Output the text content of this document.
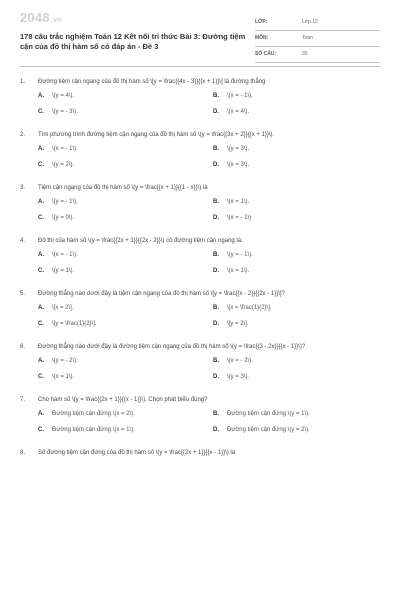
2048.vn
178 câu trắc nghiệm Toán 12 Kết nối tri thức Bài 3: Đường tiệm cận của đồ thị hàm số có đáp án - Đề 3
LỚP:	Lớp 12
MÔN:	Toán
SỐ CÂU:	30
1. Đường tiệm cận ngang của đồ thị hàm số \[y = \frac{{4x - 3}}{{x + 1}}\] là đường thẳng
A. \(y = 4\).	B. \(x = - 1\).
C. \(y = - 3\).	D. \(x = 4\).
2. Tìm phương trình đường tiệm cận ngang của đồ thị hàm số \(y = \frac{{3x + 2}}{{x + 1}}\).
A. \(x = - 1\).	B. \(y = 3\).
C. \(y = 2\).	D. \(x = 3\).
3. Tiệm cận ngang của đồ thị hàm số \(y = \frac{{x + 1}}{{1 - x}}\) là
A. \(y = - 1\).	B. \(x = 1\).
C. \(y = 0\).	D. \(x = - 1\)
4. Đồ thị của hàm số \(y = \frac{{2x + 1}}{{2x - 2}}\) có đường tiệm cận ngang là:
A. \(x = - 1\).	B. \(y = - 1\).
C. \(y = 1\).	D. \(x = 1\).
5. Đường thẳng nào dưới đây là tiệm cận ngang của đồ thị hàm số \[y = \frac{{x - 2}}{{2x - 1}}\]?
A. \[x = 2\].	B. \[x = \frac{1}{2}\].
C. \[y = \frac{1}{2}\].	D. \[y = 2\].
6. Đường thẳng nào dưới đây là đường tiệm cận ngang của đồ thị hàm số \(y = \frac{{3 - 2x}}{{x - 1}}\)?
A. \(y = - 2\).	B. \(x = - 2\).
C. \(x = 1\).	D. \(y = 3\).
7. Cho hàm số \(y = \frac{{2x + 1}}{{x - 1}}\). Chọn phát biểu đúng?
A. Đường tiệm cận đứng \(x = 2\).	B. Đường tiệm cận đứng \(y = 1\).
C. Đường tiệm cận đứng \(x = 1\).	D. Đường tiệm cận đứng \(y = 2\).
8. Số đường tiệm cận đứng của đồ thị hàm số \(y = \frac{{2x + 1}}{{x - 1}}\) là
